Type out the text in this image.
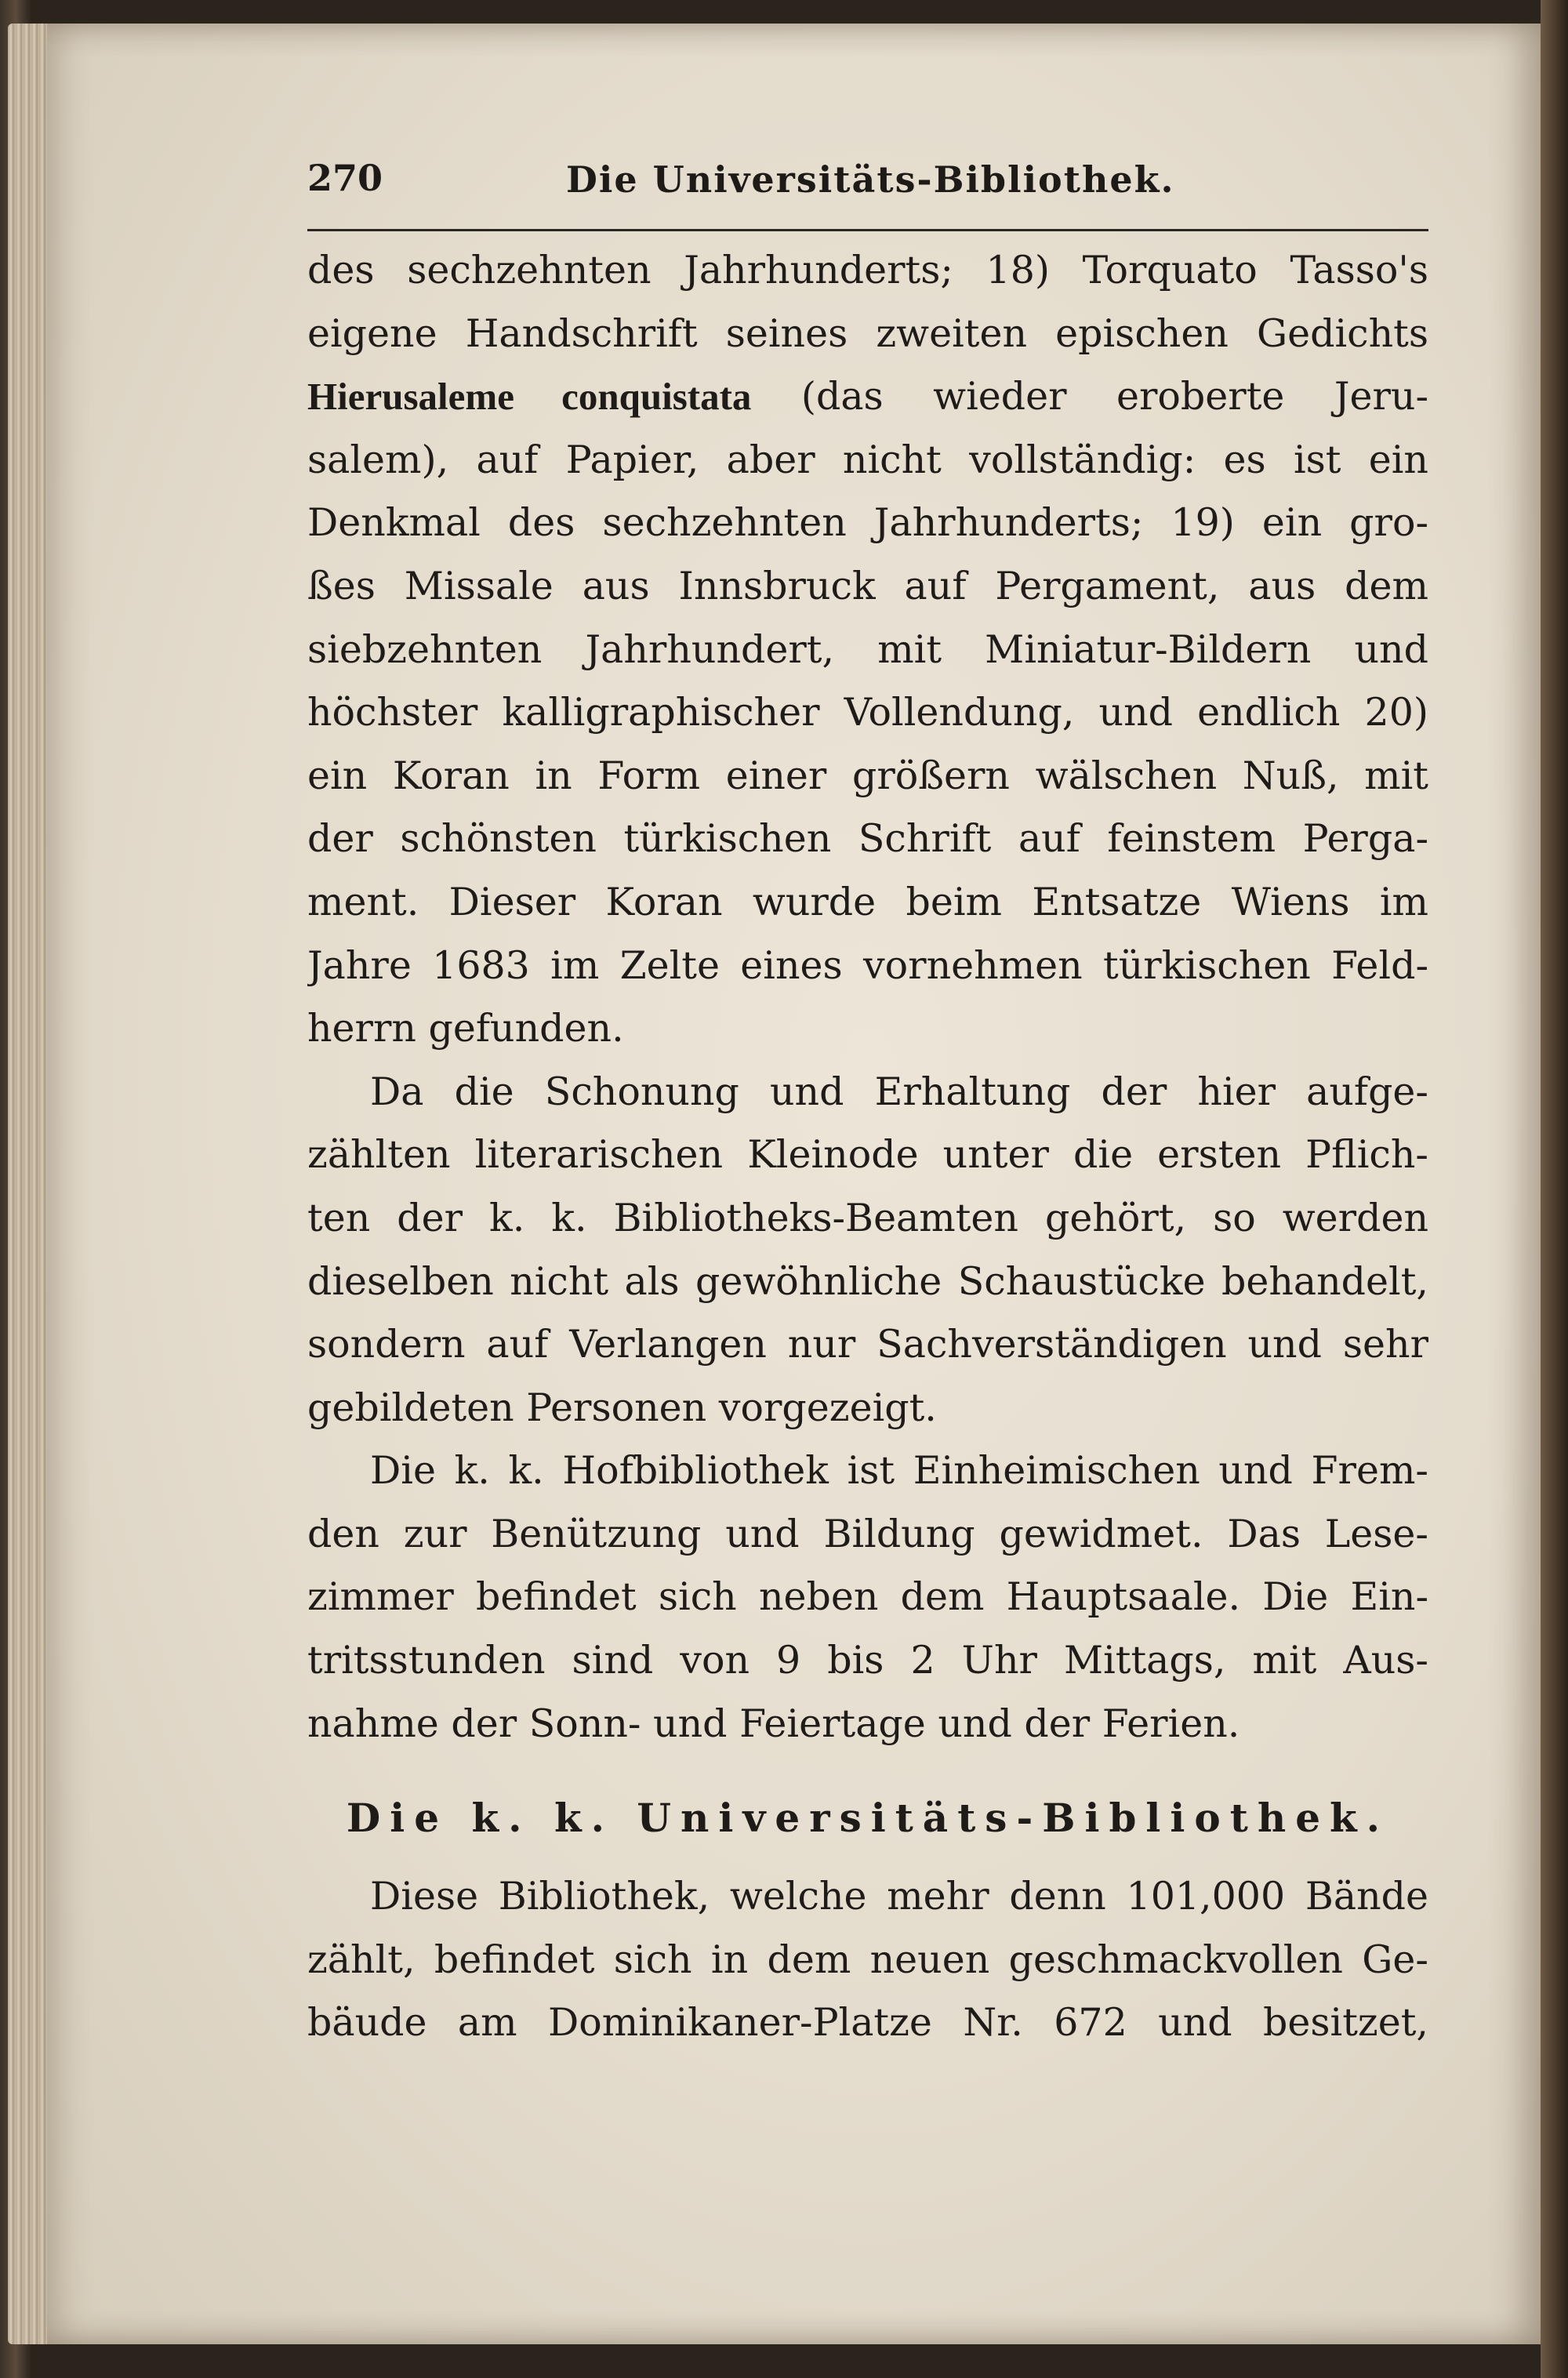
270	Die Universitäts-Bibliothek.
des sechzehnten Jahrhunderts; 18) Torquato Tasso's
eigene Handschrift seines zweiten epischen Gedichts
Hierusaleme conquistata (das wieder eroberte Jeru-
salem), auf Papier, aber nicht vollständig: es ist ein
Denkmal des sechzehnten Jahrhunderts; 19) ein gro-
ßes Missale aus Innsbruck auf Pergament, aus dem
siebzehnten Jahrhundert, mit Miniatur-Bildern und
höchster kalligraphischer Vollendung, und endlich 20)
ein Koran in Form einer größern wälschen Nuß, mit
der schönsten türkischen Schrift auf feinstem Perga-
ment. Dieser Koran wurde beim Entsatze Wiens im
Jahre 1683 im Zelte eines vornehmen türkischen Feld-
herrn gefunden.
Da die Schonung und Erhaltung der hier aufge-
zählten literarischen Kleinode unter die ersten Pflich-
ten der k. k. Bibliotheks-Beamten gehört, so werden
dieselben nicht als gewöhnliche Schaustücke behandelt,
sondern auf Verlangen nur Sachverständigen und sehr
gebildeten Personen vorgezeigt.
Die k. k. Hofbibliothek ist Einheimischen und Frem-
den zur Benützung und Bildung gewidmet. Das Lese-
zimmer befindet sich neben dem Hauptsaale. Die Ein-
tritsstunden sind von 9 bis 2 Uhr Mittags, mit Aus-
nahme der Sonn- und Feiertage und der Ferien.
Die k. k. Universitäts-Bibliothek.
Diese Bibliothek, welche mehr denn 101,000 Bände
zählt, befindet sich in dem neuen geschmackvollen Ge-
bäude am Dominikaner-Platze Nr. 672 und besitzet,
